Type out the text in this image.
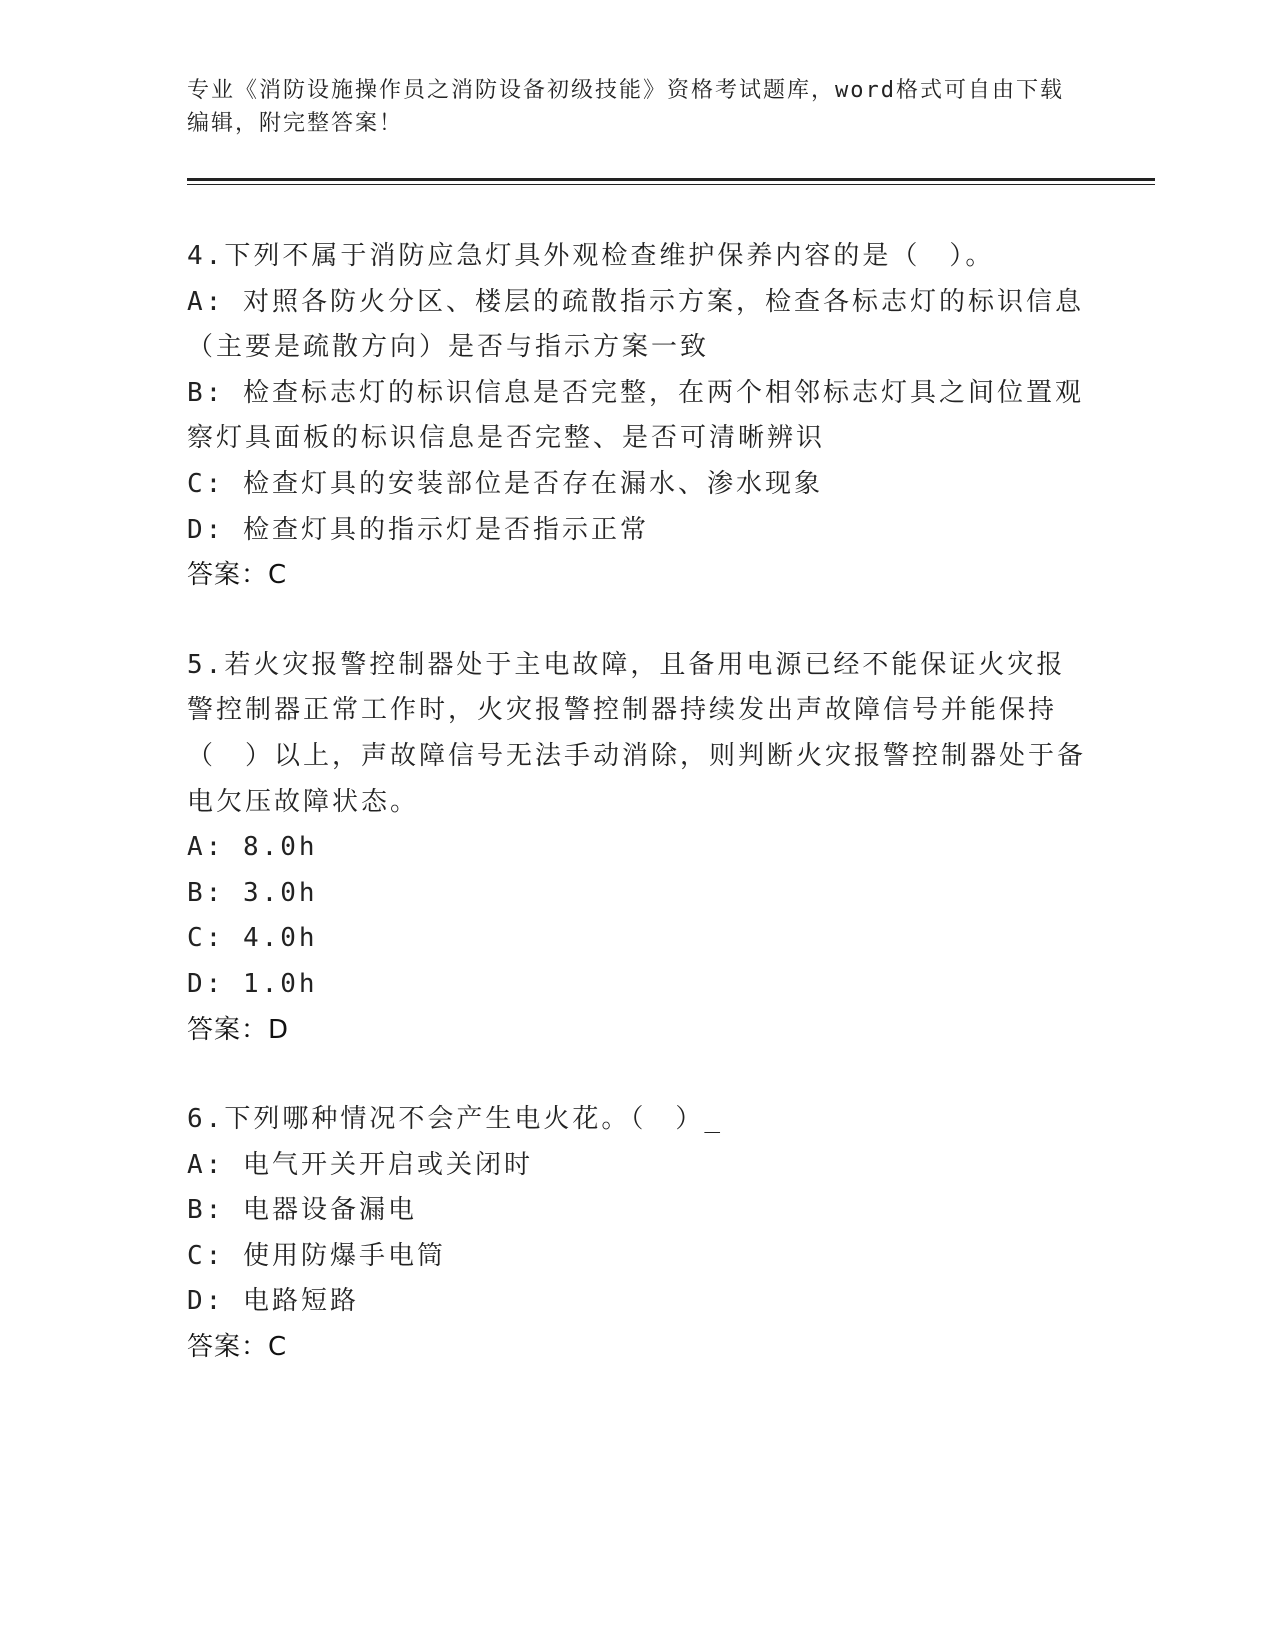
专业《消防设施操作员之消防设备初级技能》资格考试题库，word格式可自由下载编辑，附完整答案！
4.下列不属于消防应急灯具外观检查维护保养内容的是（　）。
A: 对照各防火分区、楼层的疏散指示方案，检查各标志灯的标识信息（主要是疏散方向）是否与指示方案一致
B: 检查标志灯的标识信息是否完整，在两个相邻标志灯具之间位置观察灯具面板的标识信息是否完整、是否可清晰辨识
C: 检查灯具的安装部位是否存在漏水、渗水现象
D: 检查灯具的指示灯是否指示正常
答案：C
5.若火灾报警控制器处于主电故障，且备用电源已经不能保证火灾报警控制器正常工作时，火灾报警控制器持续发出声故障信号并能保持（　）以上，声故障信号无法手动消除，则判断火灾报警控制器处于备电欠压故障状态。
A: 8.0h
B: 3.0h
C: 4.0h
D: 1.0h
答案：D
6.下列哪种情况不会产生电火花。（　）_
A: 电气开关开启或关闭时
B: 电器设备漏电
C: 使用防爆手电筒
D: 电路短路
答案：C
